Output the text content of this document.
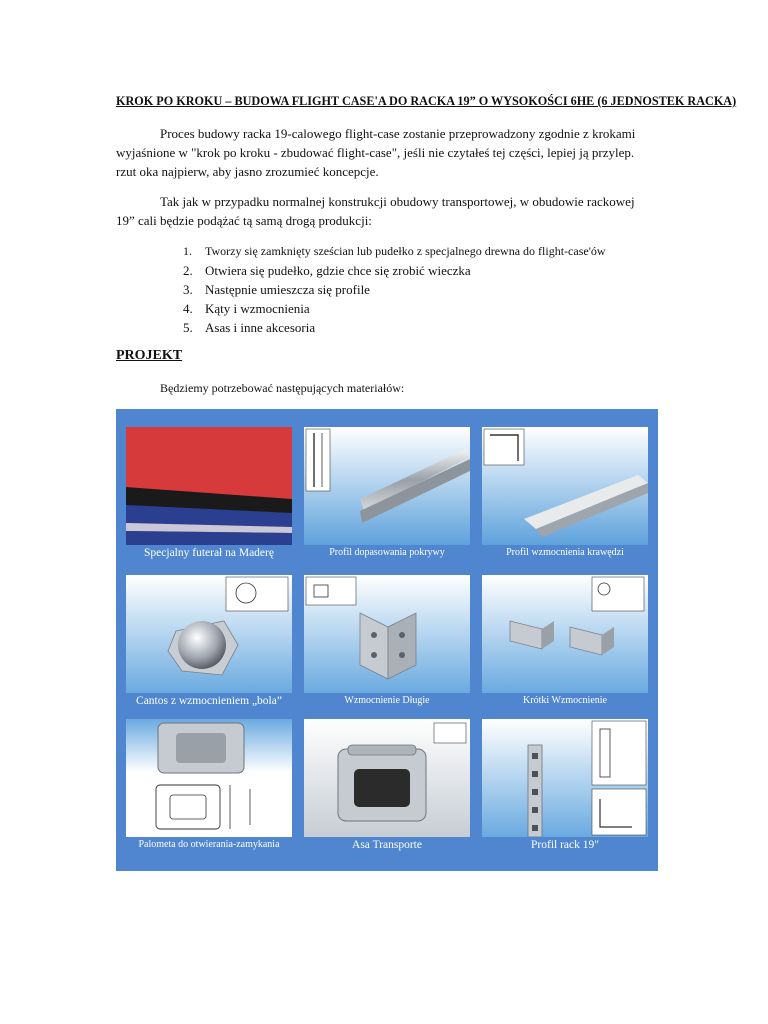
KROK PO KROKU – BUDOWA FLIGHT CASE'A DO RACKA 19” O WYSOKOŚCI 6HE (6 JEDNOSTEK RACKA)
Proces budowy racka 19-calowego flight-case zostanie przeprowadzony zgodnie z krokami
wyjaśnione w "krok po kroku - zbudować flight-case", jeśli nie czytałeś tej części, lepiej ją przylep.
rzut oka najpierw, aby jasno zrozumieć koncepcje.
Tak jak w przypadku normalnej konstrukcji obudowy transportowej, w obudowie rackowej
19” cali będzie podążać tą samą drogą produkcji:
1. Tworzy się zamknięty sześcian lub pudełko z specjalnego drewna do flight-case'ów
2. Otwiera się pudełko, gdzie chce się zrobić wieczka
3. Następnie umieszcza się profile
4. Kąty i wzmocnienia
5. Asas i inne akcesoria
PROJEKT
Będziemy potrzebować następujących materiałów:
Specjalny futerał na Maderę	Profil dopasowania pokrywy	Profil wzmocnienia krawędzi
Cantos z wzmocnieniem „bola”	Wzmocnienie Długie	Krótki Wzmocnienie
Palometa do otwierania-zamykania	Asa Transporte	Profil rack 19"
